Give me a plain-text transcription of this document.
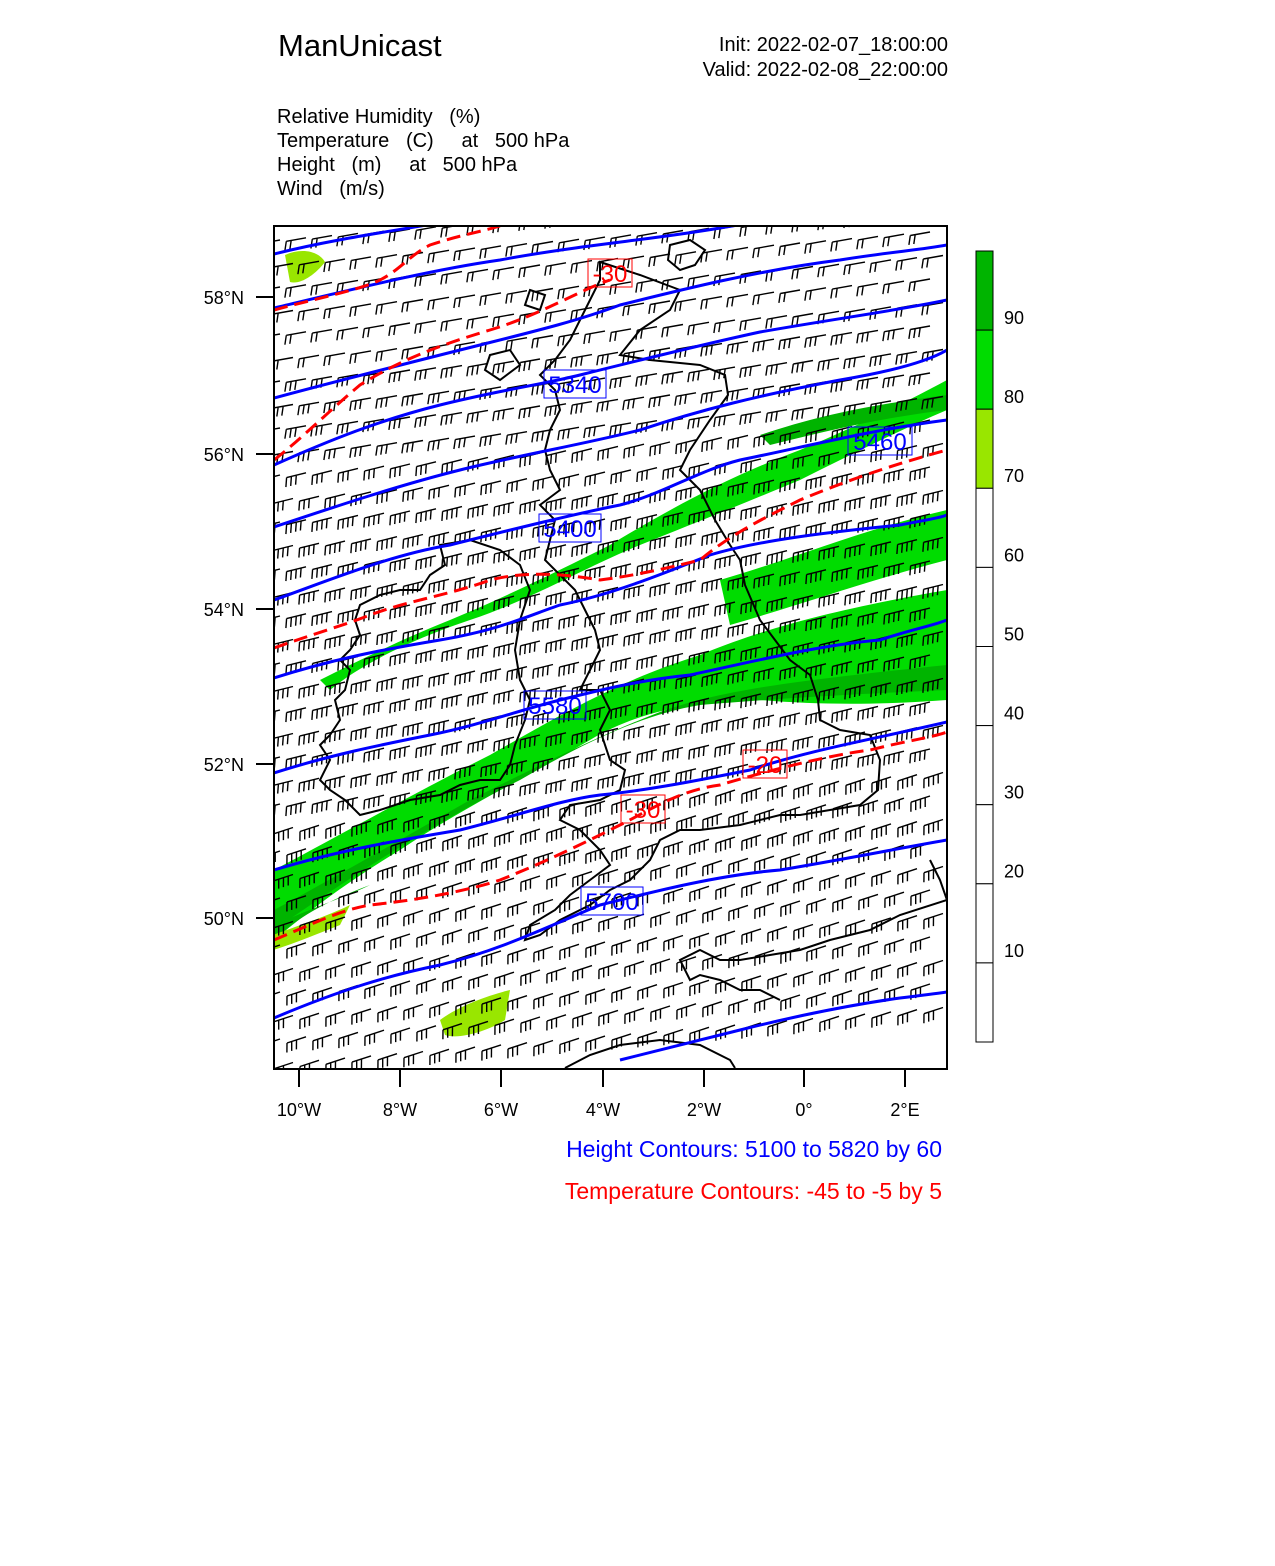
ManUnicast	Init: 2022-02-07_18:00:00
Valid: 2022-02-08_22:00:00
Relative Humidity   (%)
Temperature   (C)     at   500 hPa
Height   (m)     at   500 hPa
Wind   (m/s)
58°N
56°N
54°N
52°N
50°N
10°W	8°W	6°W	4°W	2°W	0°	2°E
5340
5460
5400
5580
5700
-30
-20
-30
90
80
70
60
50
40
30
20
10
Height Contours: 5100 to 5820 by 60
Temperature Contours: -45 to -5 by 5
